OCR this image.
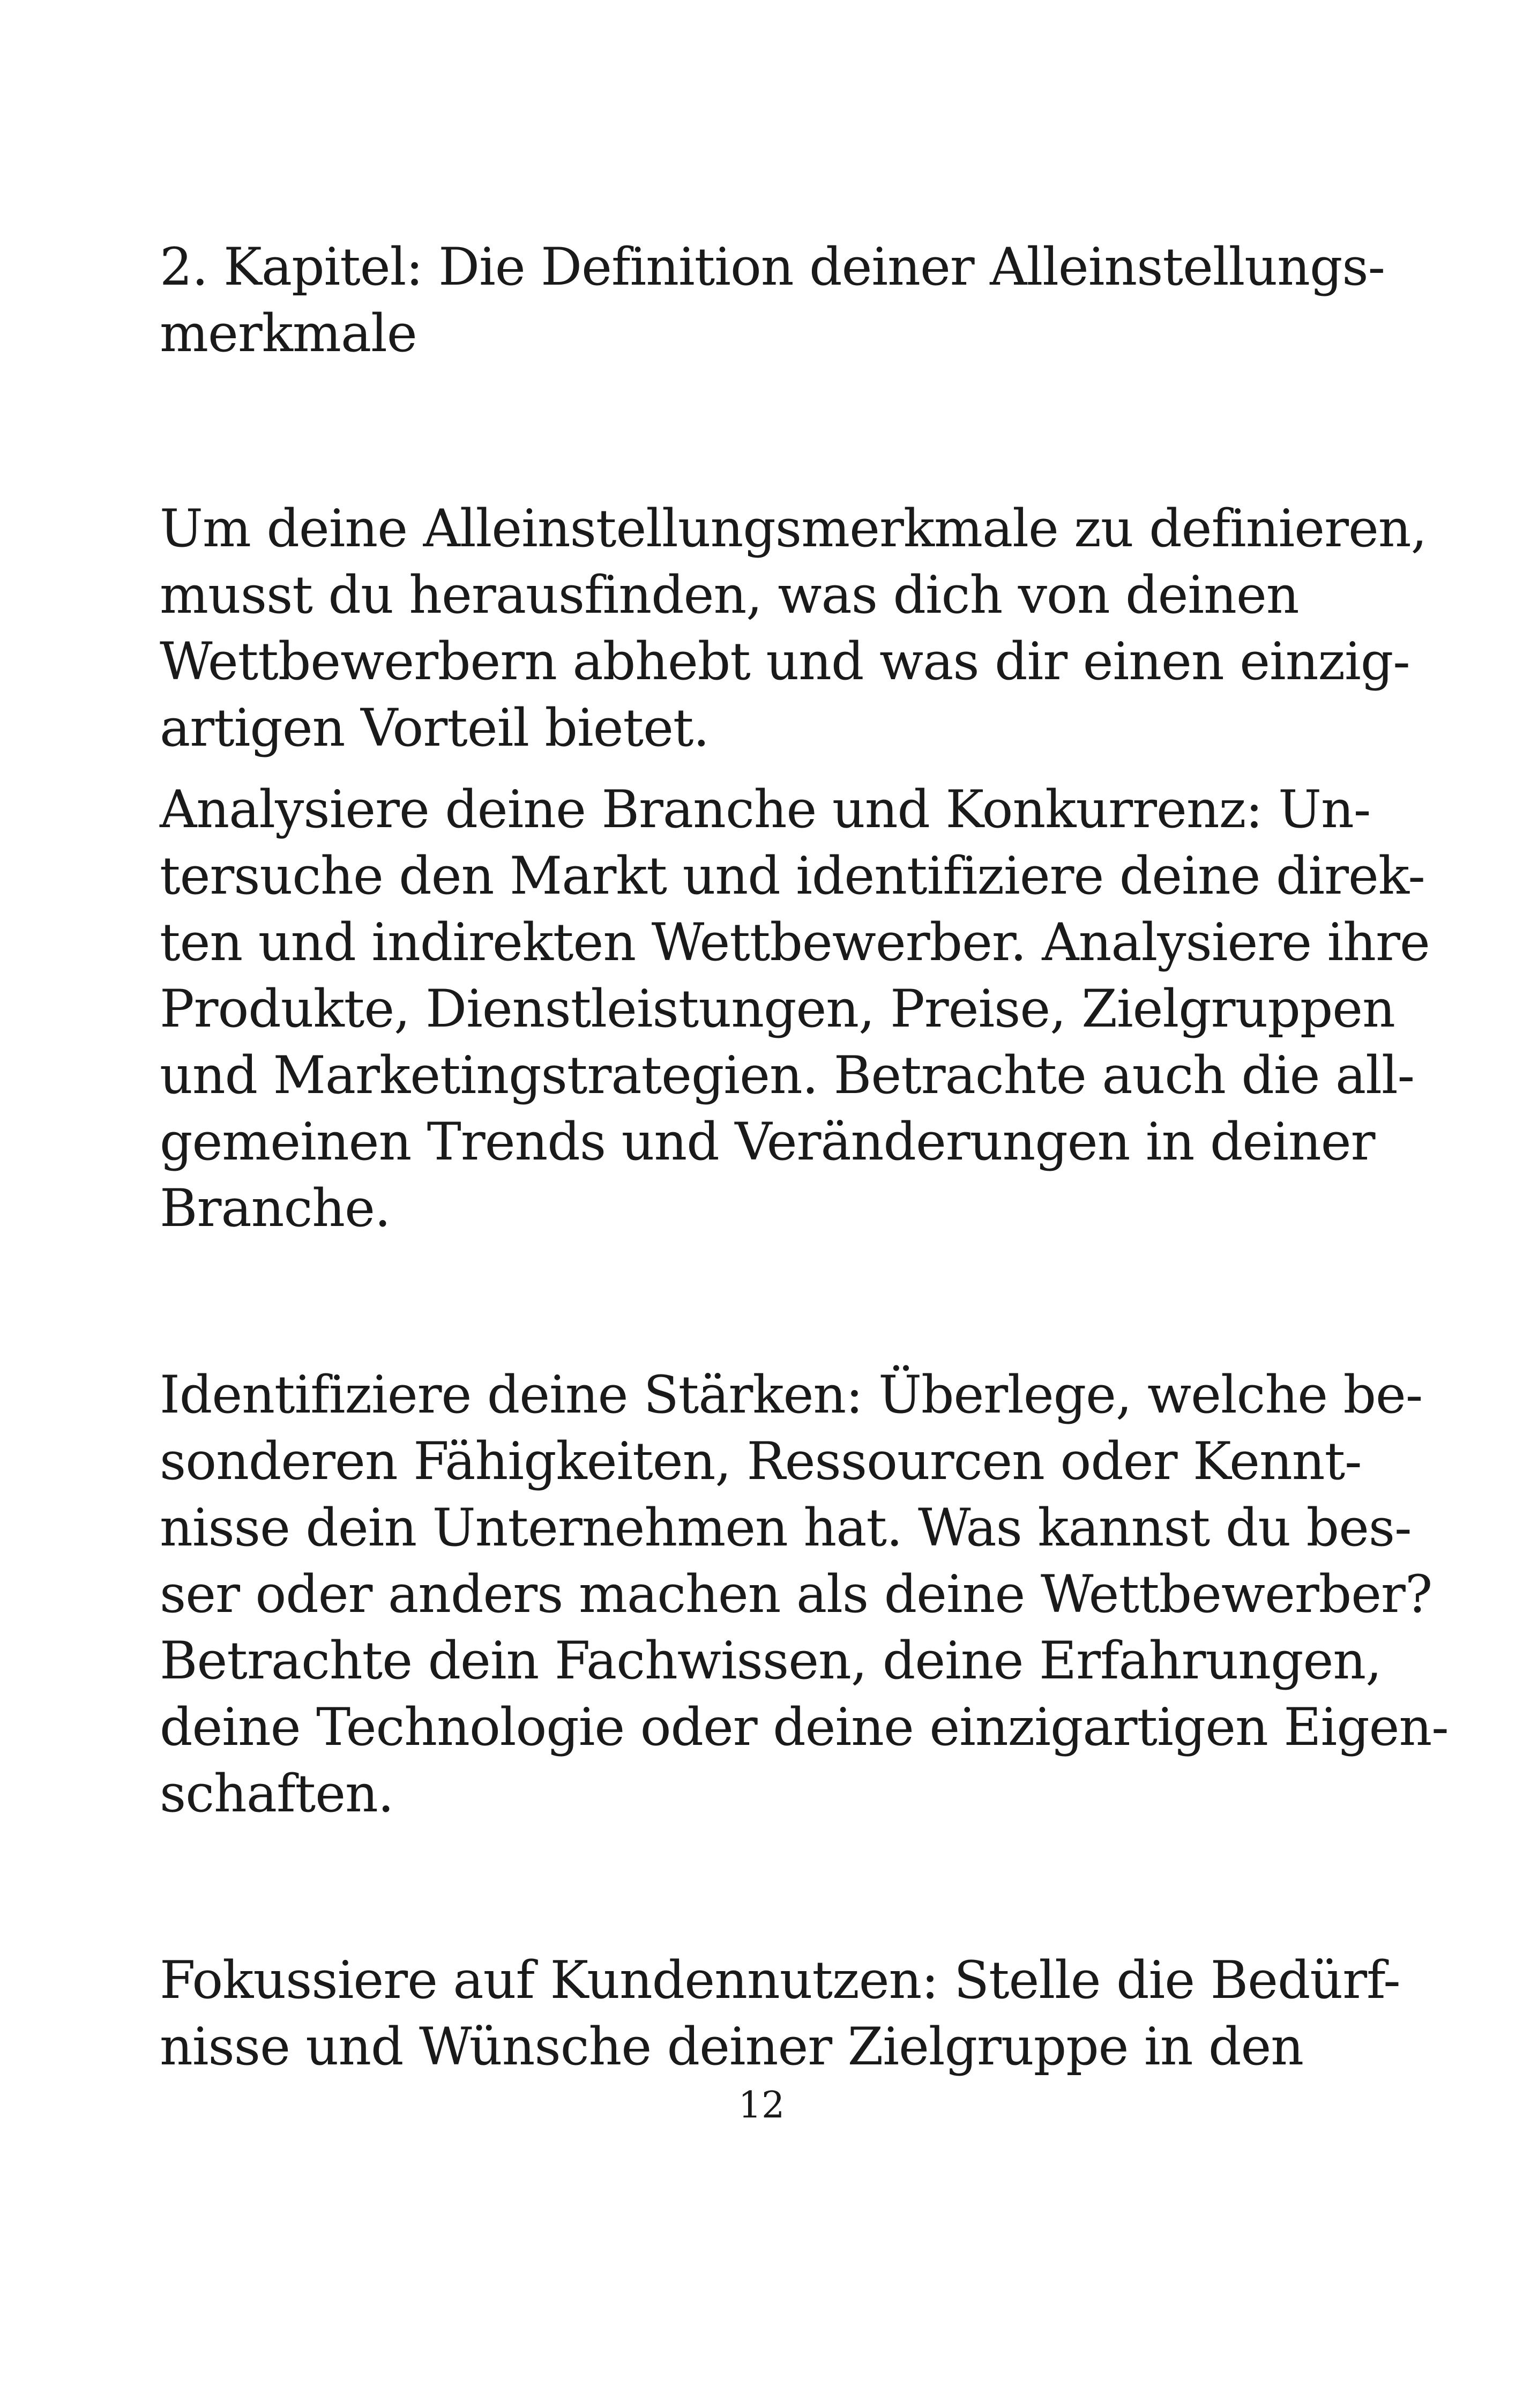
2. Kapitel: Die Definition deiner Alleinstellungs-
merkmale
Um deine Alleinstellungsmerkmale zu definieren,
musst du herausfinden, was dich von deinen
Wettbewerbern abhebt und was dir einen einzig-
artigen Vorteil bietet.
Analysiere deine Branche und Konkurrenz: Un-
tersuche den Markt und identifiziere deine direk-
ten und indirekten Wettbewerber. Analysiere ihre
Produkte, Dienstleistungen, Preise, Zielgruppen
und Marketingstrategien. Betrachte auch die all-
gemeinen Trends und Veränderungen in deiner
Branche.
Identifiziere deine Stärken: Überlege, welche be-
sonderen Fähigkeiten, Ressourcen oder Kennt-
nisse dein Unternehmen hat. Was kannst du bes-
ser oder anders machen als deine Wettbewerber?
Betrachte dein Fachwissen, deine Erfahrungen,
deine Technologie oder deine einzigartigen Eigen-
schaften.
Fokussiere auf Kundennutzen: Stelle die Bedürf-
nisse und Wünsche deiner Zielgruppe in den
12
